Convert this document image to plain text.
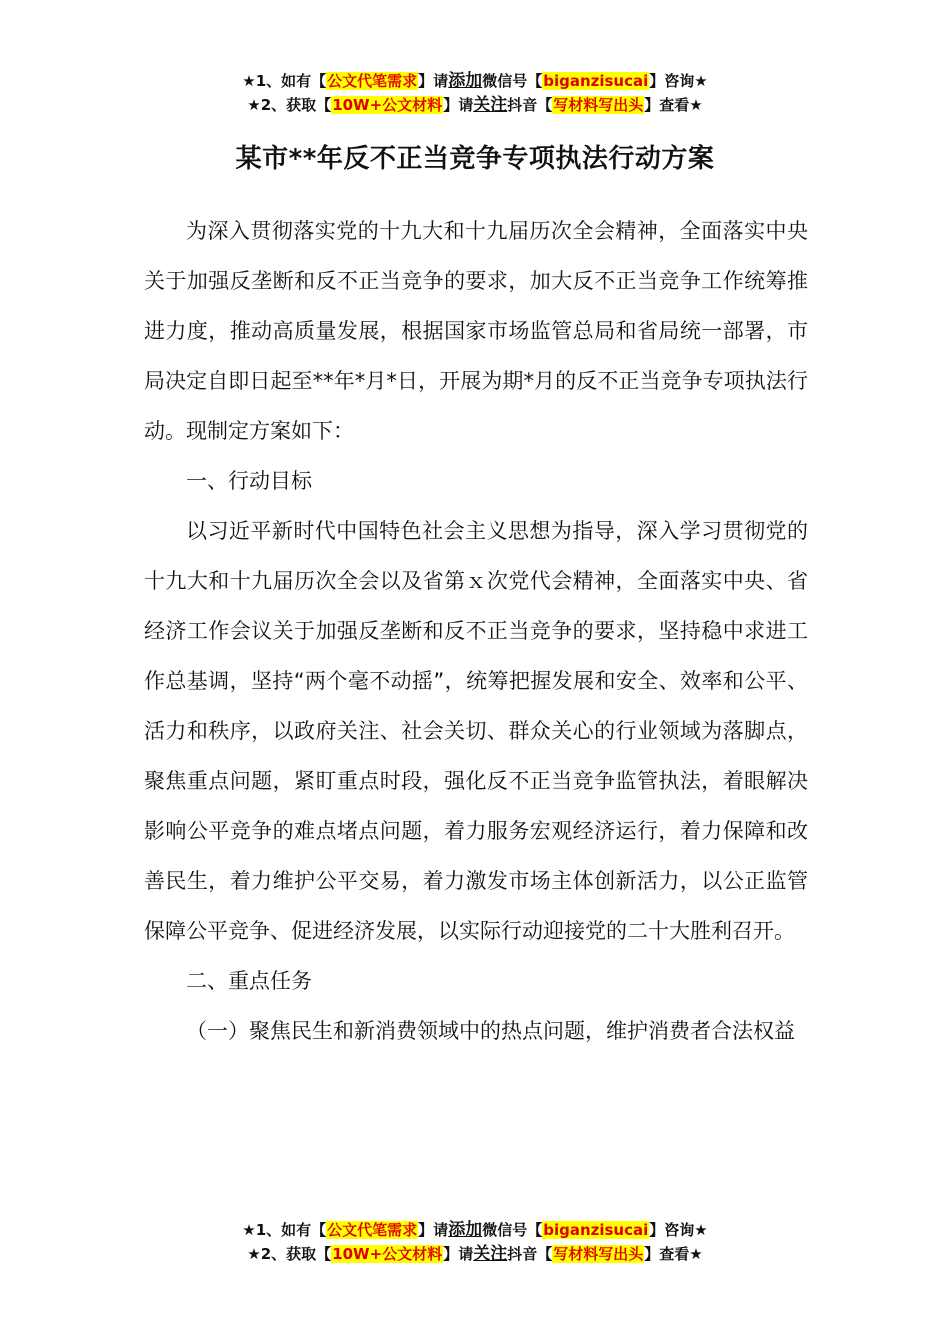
★1、如有【公文代笔需求】请添加微信号【biganzisucai】咨询★
★2、获取【10W+公文材料】请关注抖音【写材料写出头】查看★
某市**年反不正当竞争专项执法行动方案

为深入贯彻落实党的十九大和十九届历次全会精神，全面落实中央关于加强反垄断和反不正当竞争的要求，加大反不正当竞争工作统筹推进力度，推动高质量发展，根据国家市场监管总局和省局统一部署，市局决定自即日起至**年*月*日，开展为期*月的反不正当竞争专项执法行动。现制定方案如下：

一、行动目标

以习近平新时代中国特色社会主义思想为指导，深入学习贯彻党的十九大和十九届历次全会以及省第ｘ次党代会精神，全面落实中央、省经济工作会议关于加强反垄断和反不正当竞争的要求，坚持稳中求进工作总基调，坚持“两个毫不动摇”，统筹把握发展和安全、效率和公平、活力和秩序，以政府关注、社会关切、群众关心的行业领域为落脚点，聚焦重点问题，紧盯重点时段，强化反不正当竞争监管执法，着眼解决影响公平竞争的难点堵点问题，着力服务宏观经济运行，着力保障和改善民生，着力维护公平交易，着力激发市场主体创新活力，以公正监管保障公平竞争、促进经济发展，以实际行动迎接党的二十大胜利召开。

二、重点任务

（一）聚焦民生和新消费领域中的热点问题，维护消费者合法权益

★1、如有【公文代笔需求】请添加微信号【biganzisucai】咨询★
★2、获取【10W+公文材料】请关注抖音【写材料写出头】查看★
